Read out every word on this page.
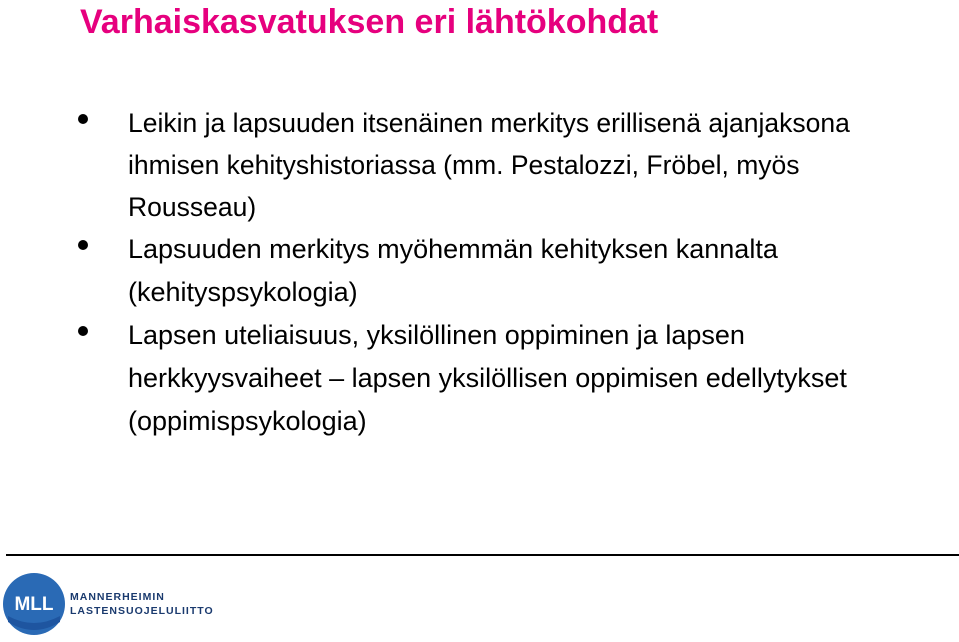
Varhaiskasvatuksen eri lähtökohdat
Leikin ja lapsuuden itsenäinen merkitys erillisenä ajanjaksona ihmisen kehityshistoriassa (mm. Pestalozzi, Fröbel, myös Rousseau)
Lapsuuden merkitys myöhemmän kehityksen kannalta (kehityspsykologia)
Lapsen uteliaisuus, yksilöllinen oppiminen ja lapsen herkkyysvaiheet – lapsen yksilöllisen oppimisen edellytykset (oppimispsykologia)
MLL MANNERHEIMIN
LASTENSUOJELULIITTO
